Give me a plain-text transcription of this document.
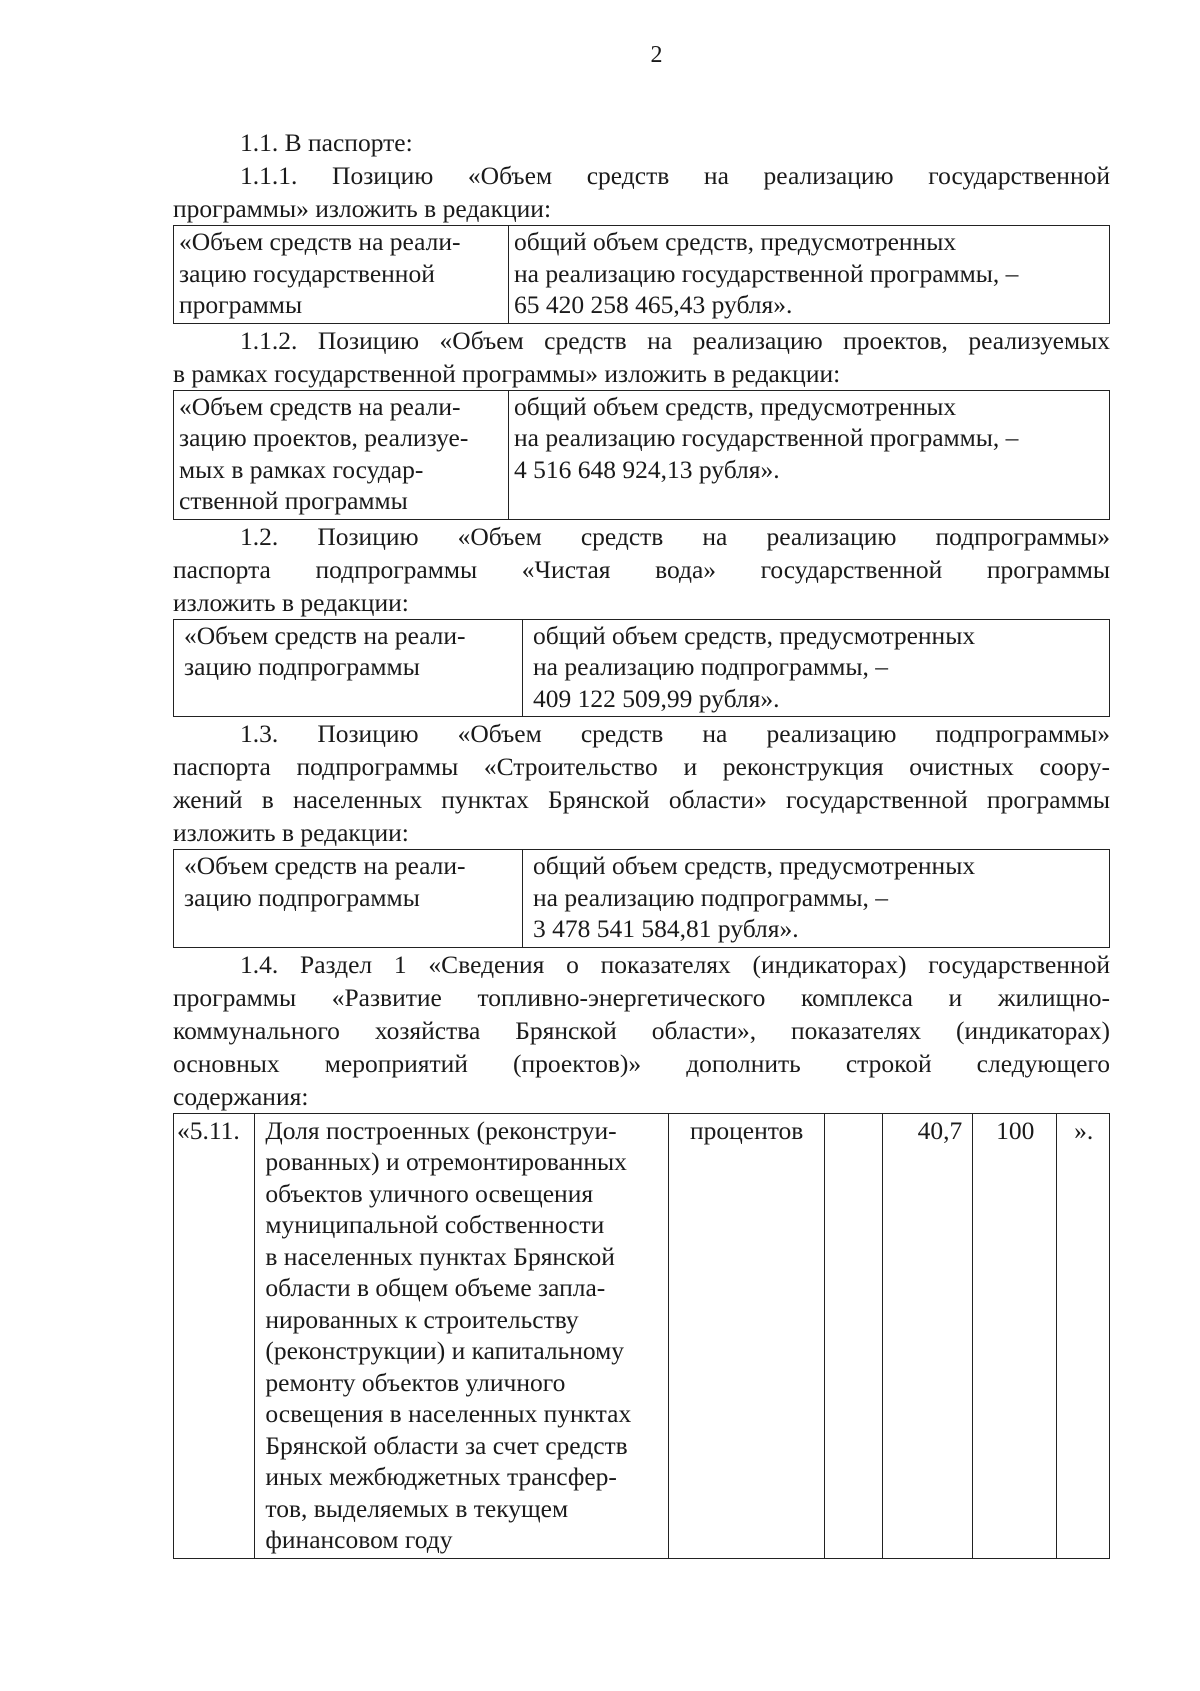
2

1.1. В паспорте:

1.1.1. Позицию «Объем средств на реализацию государственной

программы» изложить в редакции:

«Объем средств на реали-
зацию государственной
программы

общий объем средств, предусмотренных
на реализацию государственной программы, –
65 420 258 465,43 рубля».

1.1.2. Позицию «Объем средств на реализацию проектов, реализуемых

в рамках государственной программы» изложить в редакции:

«Объем средств на реали-
зацию проектов, реализуе-
мых в рамках государ-
ственной программы

общий объем средств, предусмотренных
на реализацию государственной программы, –
4 516 648 924,13 рубля».

1.2. Позицию «Объем средств на реализацию подпрограммы»

паспорта подпрограммы «Чистая вода» государственной программы

изложить в редакции:

«Объем средств на реали-
зацию подпрограммы

общий объем средств, предусмотренных
на реализацию подпрограммы, –
409 122 509,99 рубля».

1.3. Позицию «Объем средств на реализацию подпрограммы»

паспорта подпрограммы «Строительство и реконструкция очистных соору-

жений в населенных пунктах Брянской области» государственной программы

изложить в редакции:

«Объем средств на реали-
зацию подпрограммы

общий объем средств, предусмотренных
на реализацию подпрограммы, –
3 478 541 584,81 рубля».

1.4. Раздел 1 «Сведения о показателях (индикаторах) государственной

программы «Развитие топливно-энергетического комплекса и жилищно-

коммунального хозяйства Брянской области», показателях (индикаторах)

основных мероприятий (проектов)» дополнить строкой следующего

содержания:

«5.11.	Доля построенных (реконструи-
рованных) и отремонтированных
объектов уличного освещения
муниципальной собственности
в населенных пунктах Брянской
области в общем объеме запла-
нированных к строительству
(реконструкции) и капитальному
ремонту объектов уличного
освещения в населенных пунктах
Брянской области за счет средств
иных межбюджетных трансфер-
тов, выделяемых в текущем
финансовом году
	процентов		40,7	100	».
